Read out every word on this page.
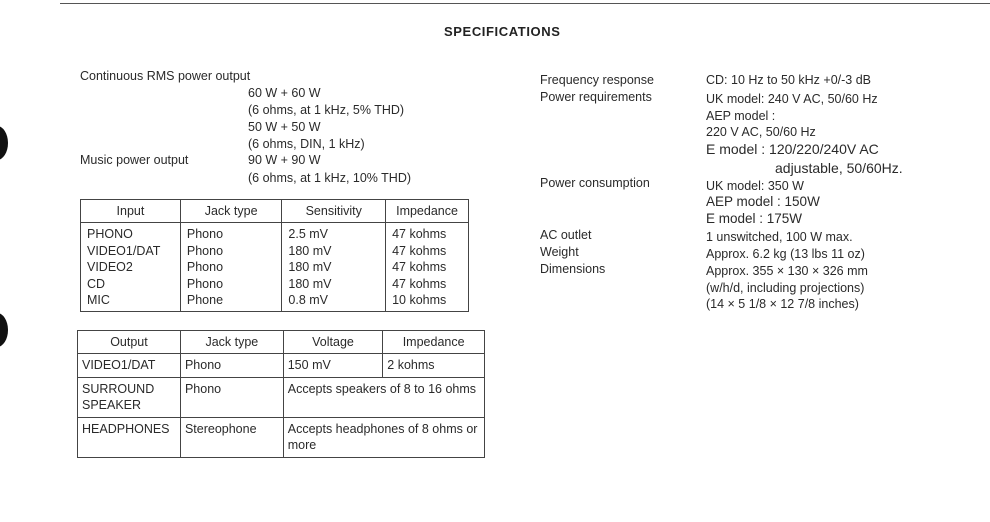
SPECIFICATIONS
Continuous RMS power output
60 W + 60 W
(6 ohms, at 1 kHz, 5% THD)
50 W + 50 W
(6 ohms, DIN, 1 kHz)
Music power output	90 W + 90 W
(6 ohms, at 1 kHz, 10% THD)
Input	Jack type	Sensitivity	Impedance
PHONO	Phono	2.5 mV	47 kohms
VIDEO1/DAT	Phono	180 mV	47 kohms
VIDEO2	Phono	180 mV	47 kohms
CD	Phono	180 mV	47 kohms
MIC	Phone	0.8 mV	10 kohms
Output	Jack type	Voltage	Impedance
VIDEO1/DAT	Phono	150 mV	2 kohms
SURROUND SPEAKER	Phono	Accepts speakers of 8 to 16 ohms	
HEADPHONES	Stereophone	Accepts headphones of 8 ohms or more	
Frequency response	CD: 10 Hz to 50 kHz +0/-3 dB
Power requirements	UK model: 240 V AC, 50/60 Hz
AEP model :
220 V AC, 50/60 Hz
E model : 120/220/240V AC
adjustable, 50/60Hz.
Power consumption	UK model: 350 W
AEP model : 150W
E model : 175W
AC outlet	1 unswitched, 100 W max.
Weight	Approx. 6.2 kg (13 lbs 11 oz)
Dimensions	Approx. 355 × 130 × 326 mm
(w/h/d, including projections)
(14 × 5 1/8 × 12 7/8 inches)
